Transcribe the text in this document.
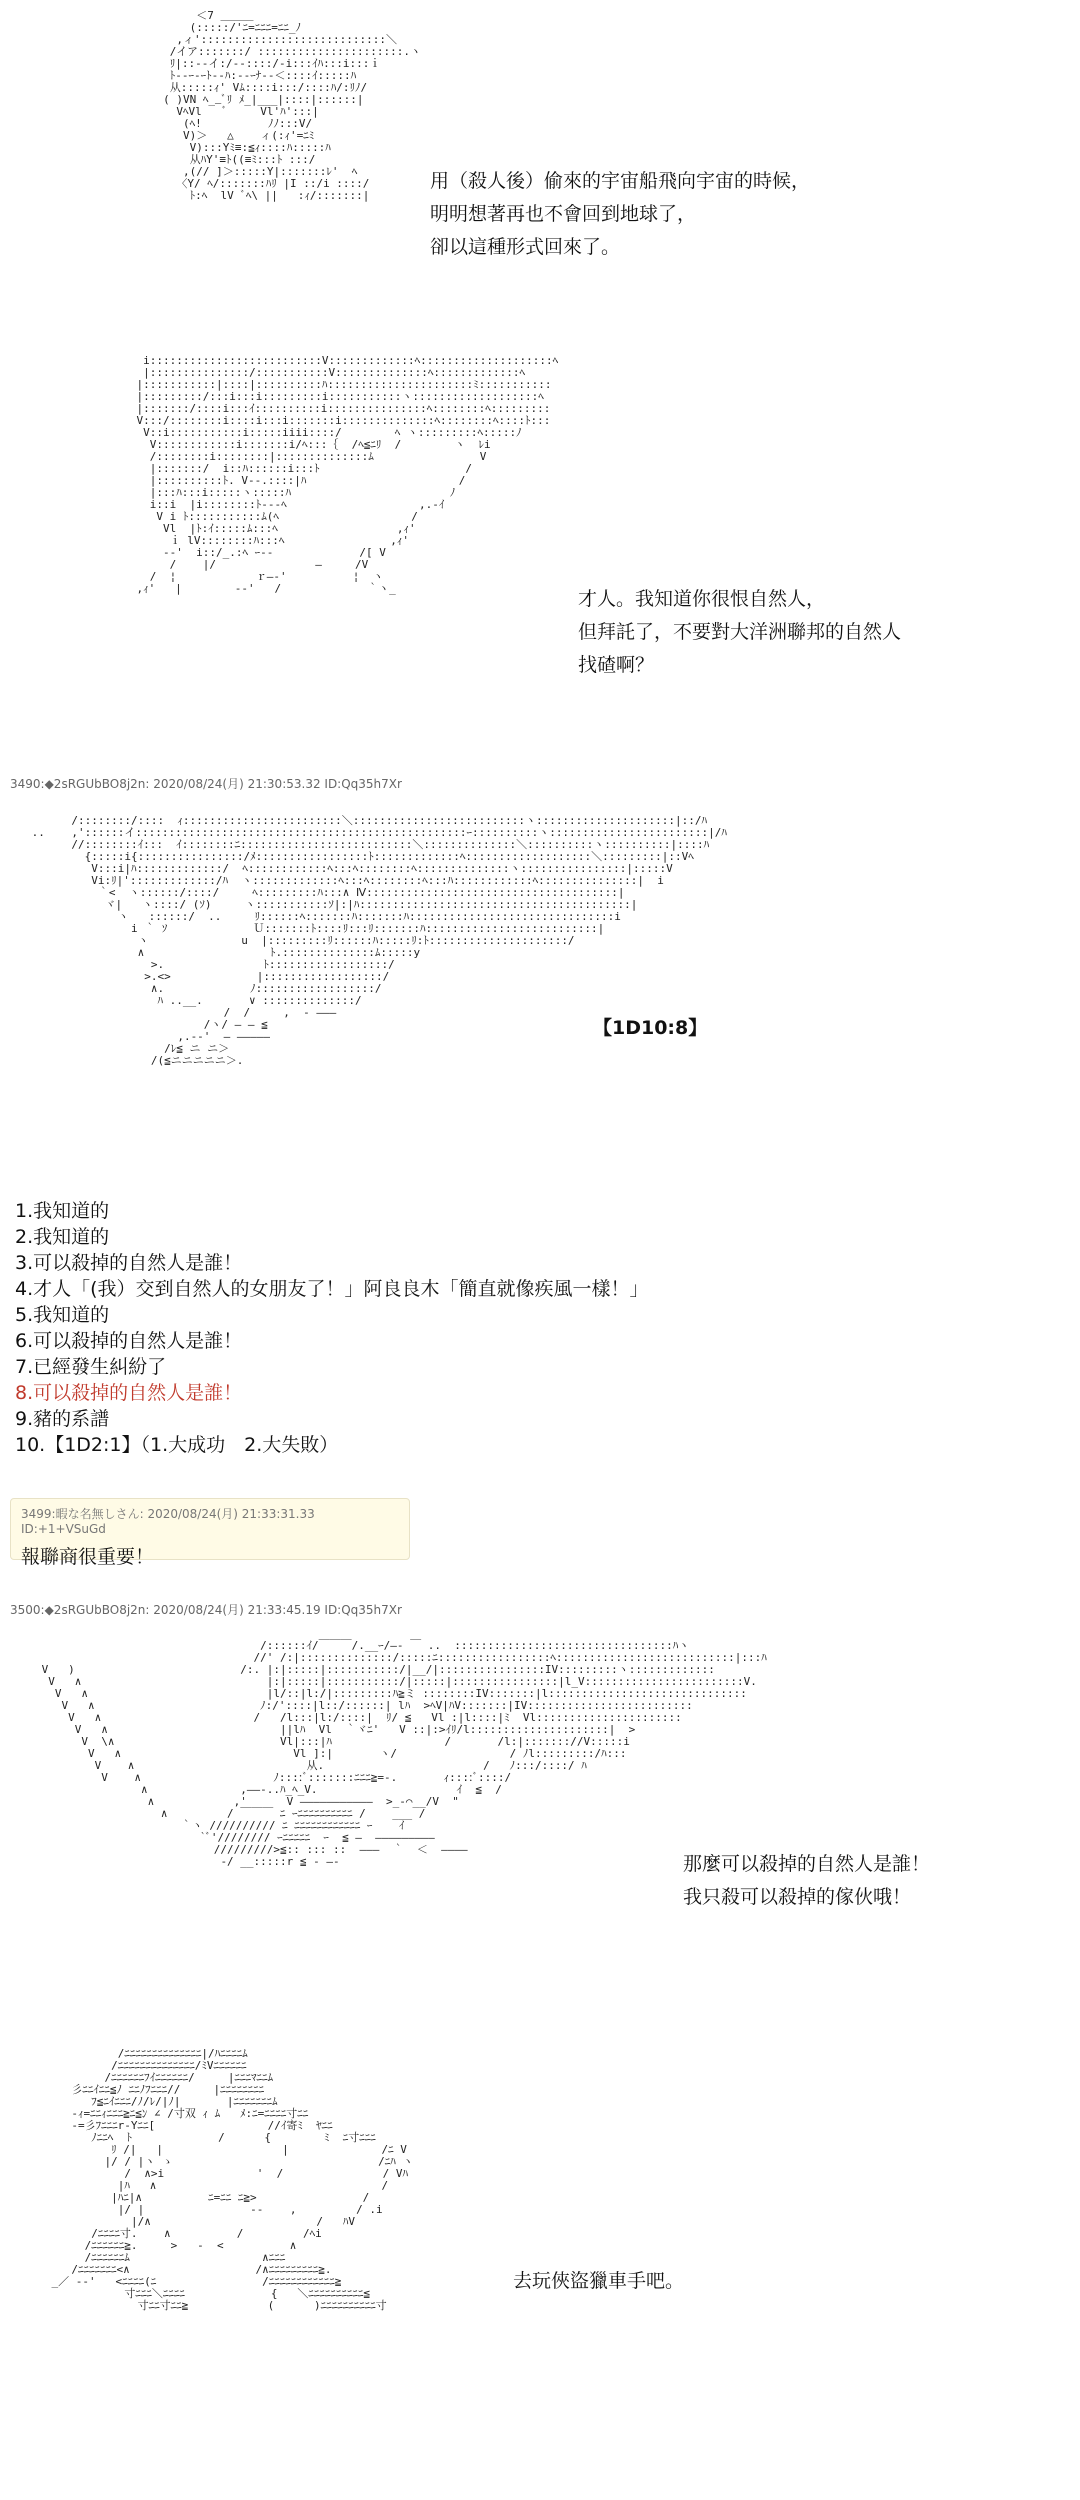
＜7 ＿＿＿
(:::::/'ﾆ=ﾆﾆﾆ=ﾆﾆ_ﾉ
,ィ'::::::::::::::::::::::::::::＼
/イア:::::::/ ::::::::::::::::::::::.ヽ
ﾘ|::--イ:/--::::/-i:::ｲﾊ:::i:::ｉ
ﾄ--ｰ-ｰﾄ--ﾊ:--ｰﾅ--＜::::ｲ:::::ﾊ
从:::::ｨ' Vﾑ::::i:::/::::ﾊ/:ﾘﾉ/
( )VN ﾍ__ﾞﾘ ﾒ_|___|::::|::::::|
VﾍVl   ﾞ     Vl'ﾊ':::|
(ﾍ!          ﾉﾉ:::V/
V)＞   △    ィ(:ｨ'=ﾆﾐ
V):::Yﾐ≡:≦ｨ::::ﾊ:::::ﾊ
从ﾊY'≡ﾄ((≡ﾐ:::ﾄ :::/
,(// ]＞:::::Y|:::::::ﾚ'  ﾍ
〈Y/ ﾍ/:::::::ﾊﾘ |I ::/i ::::/
ﾄ:ﾍ  lV ﾞﾍ\ ||   :ｨ/:::::::|

用（殺人後）偷來的宇宙船飛向宇宙的時候，
明明想著再也不會回到地球了，
卻以這種形式回來了。
i::::::::::::::::::::::::::V:::::::::::::ﾍ::::::::::::::::::::ﾍ
|:::::::::::::::/:::::::::::V::::::::::::::ﾍ:::::::::::::ﾍ
|:::::::::::|::::|::::::::::ﾊ::::::::::::::::::::::ﾐ:::::::::::
|:::::::::/:::i:::i:::::::::i:::::::::::ヽ:::::::::::::::::::ﾍ
|:::::::/::::i:::ｲ::::::::::i:::::::::::::::ﾍ::::::::ﾍ:::::::::
V:::/::::::::i::::i:::i:::::::i::::::::::::::ﾍ::::::::ﾍ::::ﾄ:::
V::i:::::::::::i:::::iiii::::/        ﾍ ヽ:::::::::ﾍ:::::ﾉ
V::::::::::::i:::::::i/ﾍ:::｛  /ﾍ≦ﾆﾘ  /        ヽ  ﾚi
/::::::::i::::::::|::::::::::::::ﾑ                V
|:::::::/  i::ﾊ::::::i:::ﾄ                      /
|::::::::::ﾄ. V--.::::|ﾊ                       /
|:::ﾊ:::i:::::ヽ:::::ﾊ                        ﾉ
i::i  |i::::::::ﾄ---ﾍ                    ,.-ｲ
V i ﾄ:::::::::::ﾑ(ﾍ                    /
Vl  |ﾄ:ｲ:::::ﾑ:::ﾍ                  ,ｨ'
ｉ lV::::::::ﾊ:::ﾍ                ,ｨ'
--'  i::/_.:ﾍ ｰ-‐             /[ V
/    |/               ―     /V
/  ¦            ｒ―-'          ¦  ヽ
,ｨ'   |        -‐'   /             ｀ヽ_	才人。我知道你很恨自然人，
但拜託了，不要對大洋洲聯邦的自然人
找碴啊？
3490:◆2sRGUbBO8j2n: 2020/08/24(月) 21:30:53.32 ID:Qq35h7Xr
/::::::::/::::  ｨ::::::::::::::::::::::::＼::::::::::::::::::::::::::ヽ:::::::::::::::::::::|::/ﾊ
..    ,'::::::イ::::::::::::::::::::::::::::::::::::::::::::::::::ｰ::::::::::ヽ::::::::::::::::::::::::|/ﾊ
//::::::::ｲ:::  ｲ::::::::ﾆ::::::::::::::::::::::::::＼::::::::::::::＼::::::::::ヽ::::::::::|::::ﾊ
{:::::i{::::::::::::::::/ﾒ:::::::::::::::::ﾄ:::::::::::::ﾍ:::::::::::::::::::＼:::::::::|::Vﾍ
V:::i|ﾊ:::::::::::::/  ﾍ::::::::::::ﾍ:::ﾍ::::::::ﾍ::::::::::::::ヽ::::::::::::::::|:::::V
Vi:ﾘ|':::::::::::::/ﾊ  ヽ:::::::::::::ﾍ:::ﾍ::::::::ﾍ:::ﾊ::::::::::::ﾍ:::::::::::::::|  i
｀<  ヽ::::::/::::/     ﾍ:::::::::ﾊ:::∧ Ⅳ::::::::::::::::::::::::::::::::::::::|
ヾ|   ヽ::::/ (ｿ)     ヽ:::::::::::ｿ|:|ﾊ:::::::::::::::::::::::::::::::::::::::::|
ヽ   ::::::/  ..     ﾘ::::::ﾍ:::::::ﾊ:::::::ﾊ:::::::::::::::::::::::::::::::i
i ｀ ｿ             Ｕ:::::::ﾄ::::ﾘ:::ﾘ:::::::ﾊ::::::::::::::::::::::::::|
ヽ              u  |:::::::::ﾘ::::::ﾊ:::::ﾘ:ﾄ:::::::::::::::::::::/
∧                   ﾄ.::::::::::::::ﾑ:::::y
>.               ﾄ::::::::::::::::::/
>.<>             |::::::::::::::::::/
∧.             ﾉ::::::::::::::::::/
ﾊ ..__.       ∨ ::::::::::::::/
/  /     ,  - ―――
/ヽ/ ― ― ≦
,.-‐'  ― ―――――
/ﾚ≦ ニ ニ＞
/(≦ニニニニニ＞.

【1D10:8】
1.我知道的
2.我知道的
3.可以殺掉的自然人是誰！
4.才人「(我）交到自然人的女朋友了！」阿良良木「簡直就像疾風一樣！」
5.我知道的
6.可以殺掉的自然人是誰！
7.已經發生糾紛了
8.可以殺掉的自然人是誰！
9.豬的系譜
10.【1D2:1】（1.大成功　2.大失敗）
3499:暇な名無しさん: 2020/08/24(月) 21:33:31.33 ID:+1+VSuGd
報聯商很重要！
3500:◆2sRGUbBO8j2n: 2020/08/24(月) 21:33:45.19 ID:Qq35h7Xr
/::::::ｲ/￣￣￣/.__ｰ/―‐ ￣ ..  :::::::::::::::::::::::::::::::::ﾊヽ
//' /:|::::::::::::::/:::::ﾆ:::::::::::::::::ﾍ:::::::::::::::::::::::::::|:::ﾊ
V   )                         /:. |:|:::::|:::::::::::/|__/|::::::::::::::::IV:::::::::ヽ:::::::::::::
V   ∧                            |:|:::::|:::::::::::/|:::::|::::::::::::::::|l_V::::::::::::::::::::::::V.
V   ∧                           |l/::|l:/|:::::::::ﾊ≧ミ ::::::::IV:::::::|l::::::::::::::::::::::::::::::
V   ∧                         ﾉ:/'::::|l::/::::::| lﾊ  >ﾍV|ﾊV:::::::|IV:::::::::::::::::::::::::
V   ∧                       /   /l:::|l:/::::|  ﾘ/ ≦   Vl :|l::::|ﾐ  Vl::::::::::::::::::::::
V   ∧                          ||lﾊ  Vl  ｀ヾﾆ'   V ::|:>ｲﾘ/l:::::::::::::::::::::|  >
V  \∧                         Vl|:::|ﾊ                 /       /l:|::::::://V:::::i
V   ∧                          Vl ]:|       ヽ/                 / ﾉl:::::::::/ﾊ:::
V    ∧                          从.                        /   ﾉ:::/::::/ ﾊ
V    ∧                    ﾉ::::ﾞ:::::::ﾆﾆﾆ≧=-.       ｨ::::ﾞ::::/
∧              ,――-..ﾊ_ﾍ_V.                     ｲ  ≦  /
∧            ,'      V ―――――――――――  >_-⌒__/V  "
∧         / ￣￣￣ ﾆ ｰﾆﾆﾆﾆﾆﾆﾆﾆﾆﾆ /    ___ /
｀ヽ ////////// ﾆ ﾆﾆﾆﾆﾆﾆﾆﾆﾆﾆﾆﾆ ｰ    ｲ
`ﾞ'//////// ｰﾆﾆﾆﾆﾆ  ｰ  ≦ ―  ―――――――――
/////////>≦:: ::: ::  ―――  ｀  ＜  ――――
-/ __:::::r ≦ ‐ ―‐	那麼可以殺掉的自然人是誰！
我只殺可以殺掉的傢伙哦！
/ﾆﾆﾆﾆﾆﾆﾆﾆﾆﾆﾆﾆﾆﾆ|/ﾊﾆﾆﾆﾆﾑ
/ﾆﾆﾆﾆﾆﾆﾆﾆﾆﾆﾆﾆﾆﾆ/ﾐVﾆﾆﾆﾆﾆﾆ
/ﾆﾆﾆﾆﾆﾆﾌｲﾆﾆﾆﾆﾆﾆ/     |ﾆﾆﾆﾏﾆﾆﾑ
彡ﾆﾆｲﾆﾆ≦ﾉ ﾆﾆﾉﾌﾆﾆﾆ//     |ﾆﾆﾆﾆﾆﾆﾆﾆ
ﾌ≦ﾆｲﾆﾆﾆ/ﾉ/ﾚ/|ﾉ|       |ﾆﾆﾆﾆﾆﾆﾆﾑ
-ｨ=ﾆﾆｨﾆﾆﾆ≧ﾆ≦ﾝ ∠ /寸双 ｨ ﾑ   ﾒ:ﾆ=ﾆﾆﾆﾆ寸ﾆﾆ
-=彡ﾌﾆﾆﾆr‐Yﾆﾆ[                 //ｲ寄ﾐ  ﾔﾆﾆ
ﾉﾆﾆﾍ  ﾄ             /      {        ﾐ  ﾆ寸ﾆﾆﾆ
ﾘ /|   |                  |              /ﾆ V
|/ / |ヽ ゝ                               /ﾆﾊ ヽ
/  ∧>i              '  /               / Vﾊ
|ﾊ   ∧                                  /
|ﾊﾆ|∧          ﾆ=ﾆﾆ ﾆ≧>                /
|/ |                --    ,         / .i
|/∧                         /   ﾊV
/ﾆﾆﾆﾆ寸.    ∧          /         /ﾍi
/ﾆﾆﾆﾆﾆﾆ≧.     >   -  <          ∧
/ﾆﾆﾆﾆﾆﾆﾑ                    ∧ﾆﾆﾆ
/ﾆﾆﾆﾆﾆﾆﾆ<∧                   /∧ﾆﾆﾆﾆﾆﾆﾆﾆﾆ≧.
_／ ‐‐'   <ﾆﾆﾆﾆ(ﾆ                /ﾆﾆﾆﾆﾆﾆﾆﾆﾆﾆﾆﾆ≧
寸ﾆﾆﾆ＼ﾆﾆﾆﾆ             {   ＼ﾆﾆﾆﾆﾆﾆﾆﾆﾆﾆ≦
寸ﾆﾆ寸ﾆﾆ≧            (      )ﾆﾆﾆﾆﾆﾆﾆﾆﾆﾆ寸

去玩俠盜獵車手吧。
